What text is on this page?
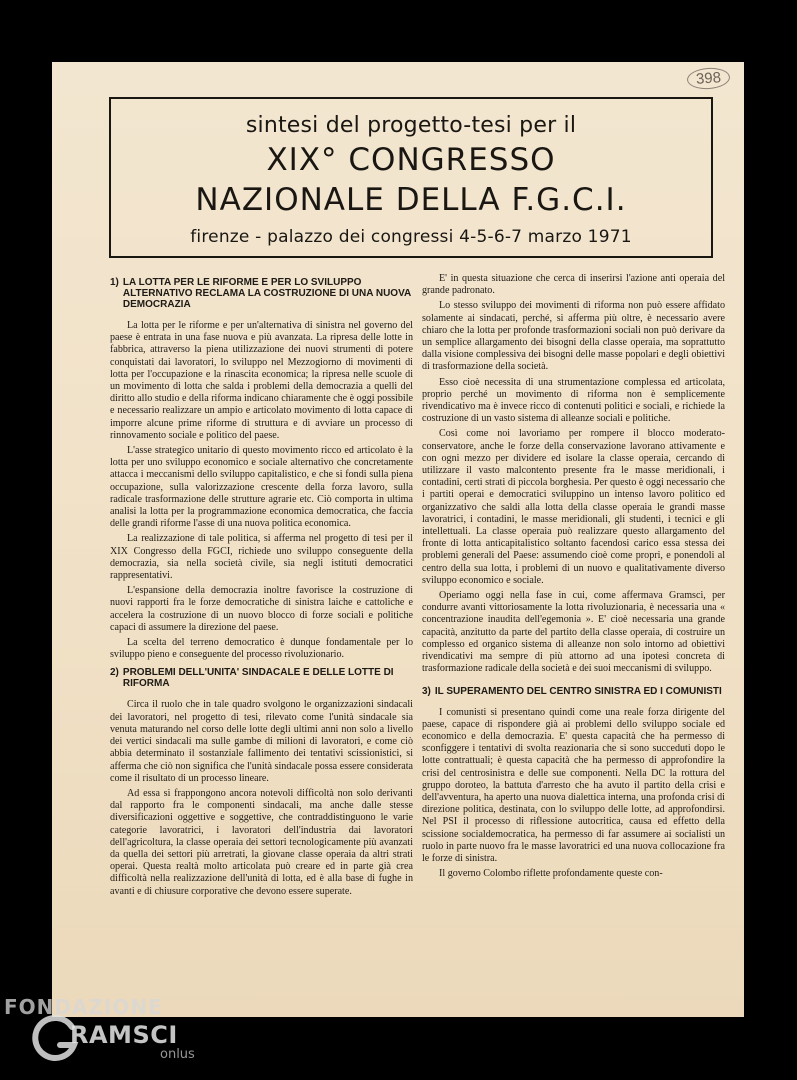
398
sintesi del progetto-tesi per il
XIX° CONGRESSO
NAZIONALE DELLA F.G.C.I.
firenze - palazzo dei congressi 4-5-6-7 marzo 1971
1) LA LOTTA PER LE RIFORME E PER LO SVILUPPO ALTERNATIVO RECLAMA LA COSTRUZIONE DI UNA NUOVA DEMOCRAZIA

La lotta per le riforme e per un'alternativa di sinistra nel governo del paese è entrata in una fase nuova e più avanzata. La ripresa delle lotte in fabbrica, attraverso la piena utilizzazione dei nuovi strumenti di potere conquistati dai lavoratori, lo sviluppo nel Mezzogiorno di movimenti di lotta per l'occupazione e la rinascita economica; la ripresa nelle scuole di un movimento di lotta che salda i problemi della democrazia a quelli del diritto allo studio e della riforma indicano chiaramente che è oggi possibile e necessario realizzare un ampio e articolato movimento di lotta capace di imporre alcune prime riforme di struttura e di avviare un processo di rinnovamento sociale e politico del paese.

L'asse strategico unitario di questo movimento ricco ed articolato è la lotta per uno sviluppo economico e sociale alternativo che concretamente attacca i meccanismi dello sviluppo capitalistico, e che si fondi sulla piena occupazione, sulla valorizzazione crescente della forza lavoro, sulla radicale trasformazione delle strutture agrarie etc. Ciò comporta in ultima analisi la lotta per la programmazione economica democratica, che faccia delle grandi riforme l'asse di una nuova politica economica.

La realizzazione di tale politica, si afferma nel progetto di tesi per il XIX Congresso della FGCI, richiede uno sviluppo conseguente della democrazia, sia nella società civile, sia negli istituti democratici rappresentativi.

L'espansione della democrazia inoltre favorisce la costruzione di nuovi rapporti fra le forze democratiche di sinistra laiche e cattoliche e accelera la costruzione di un nuovo blocco di forze sociali e politiche capaci di assumere la direzione del paese.

La scelta del terreno democratico è dunque fondamentale per lo sviluppo pieno e conseguente del processo rivoluzionario.

2) PROBLEMI DELL'UNITA' SINDACALE E DELLE LOTTE DI RIFORMA

Circa il ruolo che in tale quadro svolgono le organizzazioni sindacali dei lavoratori, nel progetto di tesi, rilevato come l'unità sindacale sia venuta maturando nel corso delle lotte degli ultimi anni non solo a livello dei vertici sindacali ma sulle gambe di milioni di lavoratori, e come ciò abbia determinato il sostanziale fallimento dei tentativi scissionistici, si afferma che ciò non significa che l'unità sindacale possa essere considerata come il risultato di un processo lineare.

Ad essa si frappongono ancora notevoli difficoltà non solo derivanti dal rapporto fra le componenti sindacali, ma anche dalle stesse diversificazioni oggettive e soggettive, che contraddistinguono le varie categorie lavoratrici, i lavoratori dell'industria dai lavoratori dell'agricoltura, la classe operaia dei settori tecnologicamente più avanzati da quella dei settori più arretrati, la giovane classe operaia da altri strati operai. Questa realtà molto articolata può creare ed in parte già crea difficoltà nella realizzazione dell'unità di lotta, ed è alla base di fughe in avanti e di chiusure corporative che devono essere superate.

E' in questa situazione che cerca di inserirsi l'azione anti operaia del grande padronato.

Lo stesso sviluppo dei movimenti di riforma non può essere affidato solamente ai sindacati, perché, si afferma più oltre, è necessario avere chiaro che la lotta per profonde trasformazioni sociali non può derivare da un semplice allargamento dei bisogni della classe operaia, ma soprattutto dalla visione complessiva dei bisogni delle masse popolari e degli obiettivi di trasformazione della società.

Esso cioè necessita di una strumentazione complessa ed articolata, proprio perché un movimento di riforma non è semplicemente rivendicativo ma è invece ricco di contenuti politici e sociali, e richiede la costruzione di un vasto sistema di alleanze sociali e politiche.

Così come noi lavoriamo per rompere il blocco moderato-conservatore, anche le forze della conservazione lavorano attivamente e con ogni mezzo per dividere ed isolare la classe operaia, cercando di utilizzare il vasto malcontento presente fra le masse meridionali, i contadini, certi strati di piccola borghesia. Per questo è oggi necessario che i partiti operai e democratici sviluppino un intenso lavoro politico ed organizzativo che saldi alla lotta della classe operaia le grandi masse lavoratrici, i contadini, le masse meridionali, gli studenti, i tecnici e gli intellettuali. La classe operaia può realizzare questo allargamento del fronte di lotta anticapitalistico soltanto facendosi carico essa stessa dei problemi generali del Paese: assumendo cioè come propri, e ponendoli al centro della sua lotta, i problemi di un nuovo e qualitativamente diverso sviluppo economico e sociale.

Operiamo oggi nella fase in cui, come affermava Gramsci, per condurre avanti vittoriosamente la lotta rivoluzionaria, è necessaria una « concentrazione inaudita dell'egemonia ». E' cioè necessaria una grande capacità, anzitutto da parte del partito della classe operaia, di costruire un complesso ed organico sistema di alleanze non solo intorno ad obiettivi rivendicativi ma sempre di più attorno ad una ipotesi concreta di trasformazione radicale della società e dei suoi meccanismi di sviluppo.

3) IL SUPERAMENTO DEL CENTRO SINISTRA ED I COMUNISTI

I comunisti si presentano quindi come una reale forza dirigente del paese, capace di rispondere già ai problemi dello sviluppo sociale ed economico e della democrazia. E' questa capacità che ha permesso di sconfiggere i tentativi di svolta reazionaria che si sono succeduti dopo le lotte contrattuali; è questa capacità che ha permesso di approfondire la crisi del centrosinistra e delle sue componenti. Nella DC la rottura del gruppo doroteo, la battuta d'arresto che ha avuto il partito della crisi e dell'avventura, ha aperto una nuova dialettica interna, una profonda crisi di direzione politica, destinata, con lo sviluppo delle lotte, ad approfondirsi. Nel PSI il processo di riflessione autocritica, causa ed effetto della scissione socialdemocratica, ha permesso di far assumere ai socialisti un ruolo in parte nuovo fra le masse lavoratrici ed una nuova collocazione fra le forze di sinistra.

Il governo Colombo riflette profondamente queste con-

FONDAZIONE
RAMSCI
onlus
